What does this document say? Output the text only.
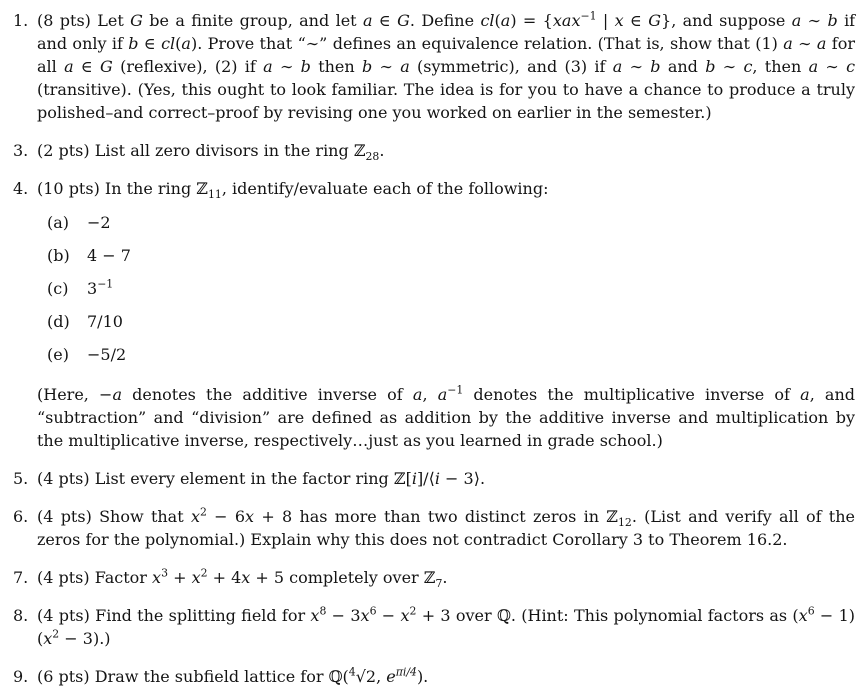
1. (8 pts) Let G be a finite group, and let a ∈ G. Define cl(a) = {xax$^{-1}$ | x ∈ G}, and suppose a ∼ b if and only if b ∈ cl(a). Prove that “∼” defines an equivalence relation. (That is, show that (1) a ∼ a for all a ∈ G (reflexive), (2) if a ∼ b then b ∼ a (symmetric), and (3) if a ∼ b and b ∼ c, then a ∼ c (transitive). (Yes, this ought to look familiar. The idea is for you to have a chance to produce a truly polished–and correct–proof by revising one you worked on earlier in the semester.)
3. (2 pts) List all zero divisors in the ring ℤ$_{28}$.
4. (10 pts) In the ring ℤ$_{11}$, identify/evaluate each of the following:
(a) −2
(b) 4 − 7
(c) $3^{-1}$
(d) 7/10
(e) −5/2
(Here, −a denotes the additive inverse of a, $a^{-1}$ denotes the multiplicative inverse of a, and “subtraction” and “division” are defined as addition by the additive inverse and multiplication by the multiplicative inverse, respectively…just as you learned in grade school.)
5. (4 pts) List every element in the factor ring ℤ[i]/⟨i − 3⟩.
6. (4 pts) Show that $x^2 - 6x + 8$ has more than two distinct zeros in ℤ$_{12}$. (List and verify all of the zeros for the polynomial.) Explain why this does not contradict Corollary 3 to Theorem 16.2.
7. (4 pts) Factor $x^3 + x^2 + 4x + 5$ completely over ℤ$_7$.
8. (4 pts) Find the splitting field for $x^8 - 3x^6 - x^2 + 3$ over ℚ. (Hint: This polynomial factors as $(x^6 - 1)(x^2 - 3)$.)
9. (6 pts) Draw the subfield lattice for ℚ($^4$√2, $e^{\pi i/4}$).
